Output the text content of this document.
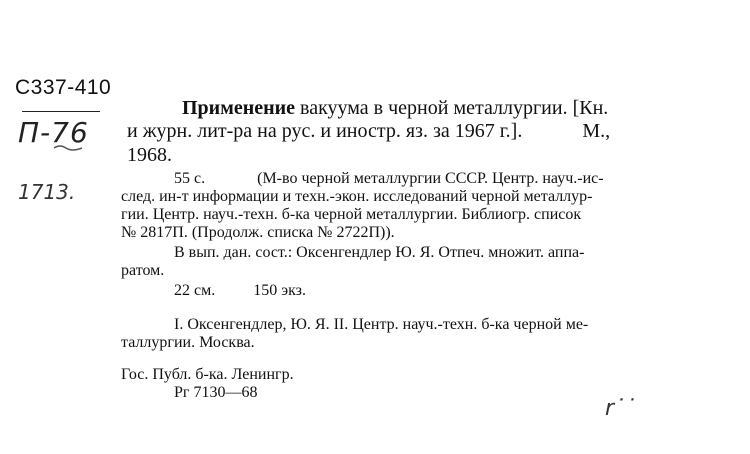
С337-410
П-76
1713.
r˙˙
Применение вакуума в черной металлургии. [Кн.
и журн. лит-ра на рус. и иностр. яз. за 1967 г.].	М.,
1968.
55 с.	(М-во черной металлургии СССР. Центр. науч.-ис-
след. ин-т информации и техн.-экон. исследований черной металлур-
гии. Центр. науч.-техн. б-ка черной металлургии. Библиогр. список
№ 2817П. (Продолж. списка № 2722П)).
В вып. дан. сост.: Оксенгендлер Ю. Я. Отпеч. множит. аппа-
ратом.
22 см. 150 экз.
I. Оксенгендлер, Ю. Я. II. Центр. науч.-техн. б-ка черной ме-
таллургии. Москва.
Гос. Публ. б-ка. Ленингр.
Рг 7130—68
